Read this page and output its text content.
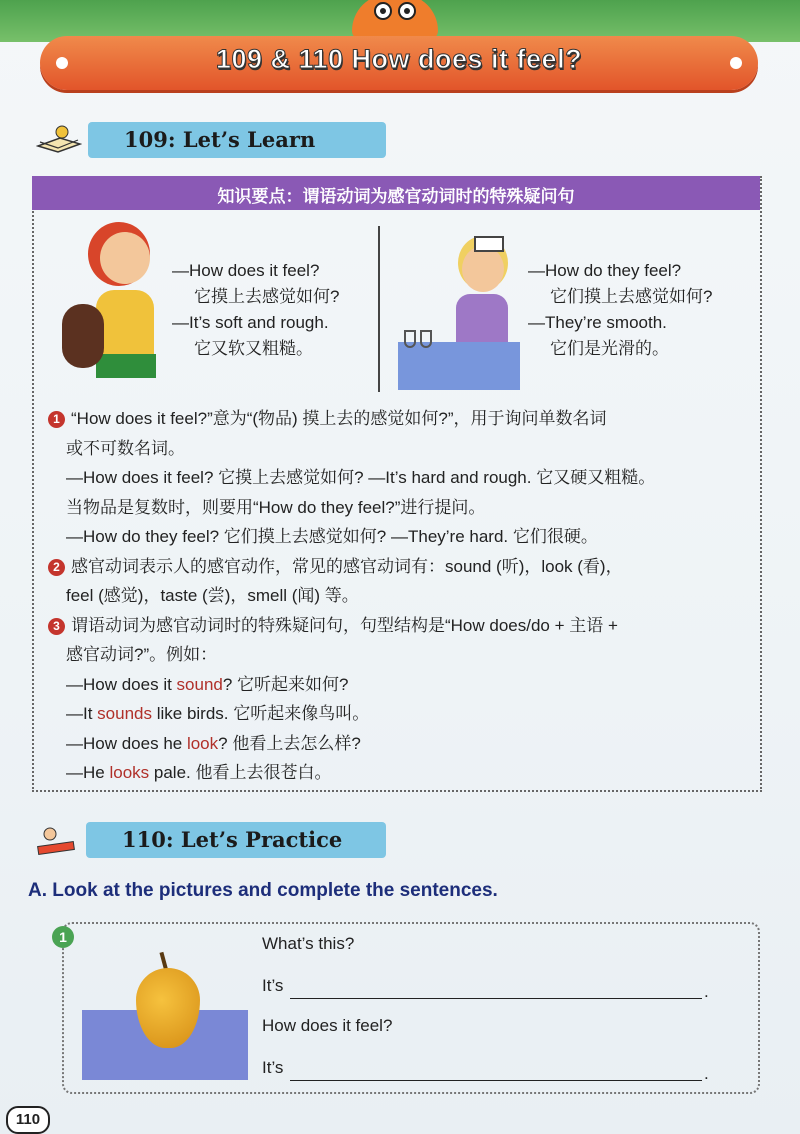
109 & 110 How does it feel?
109: Let’s Learn
知识要点：谓语动词为感官动词时的特殊疑问句
—How does it feel?
它摸上去感觉如何?
—It’s soft and rough.
它又软又粗糙。
—How do they feel?
它们摸上去感觉如何?
—They’re smooth.
它们是光滑的。

1 “How does it feel?”意为“(物品) 摸上去的感觉如何?”，用于询问单数名词

或不可数名词。

—How does it feel? 它摸上去感觉如何? —It’s hard and rough. 它又硬又粗糙。

当物品是复数时，则要用“How do they feel?”进行提问。

—How do they feel? 它们摸上去感觉如何? —They’re hard. 它们很硬。

2 感官动词表示人的感官动作，常见的感官动词有：sound (听)，look (看)，

feel (感觉)，taste (尝)，smell (闻) 等。

3 谓语动词为感官动词时的特殊疑问句，句型结构是“How does/do + 主语 +

感官动词?”。例如：

—How does it sound? 它听起来如何?

—It sounds like birds. 它听起来像鸟叫。

—How does he look? 他看上去怎么样?

—He looks pale. 他看上去很苍白。

110: Let’s Practice
A. Look at the pictures and complete the sentences.
1	What’s this?
It’s	.
How does it feel?
It’s	.
110
